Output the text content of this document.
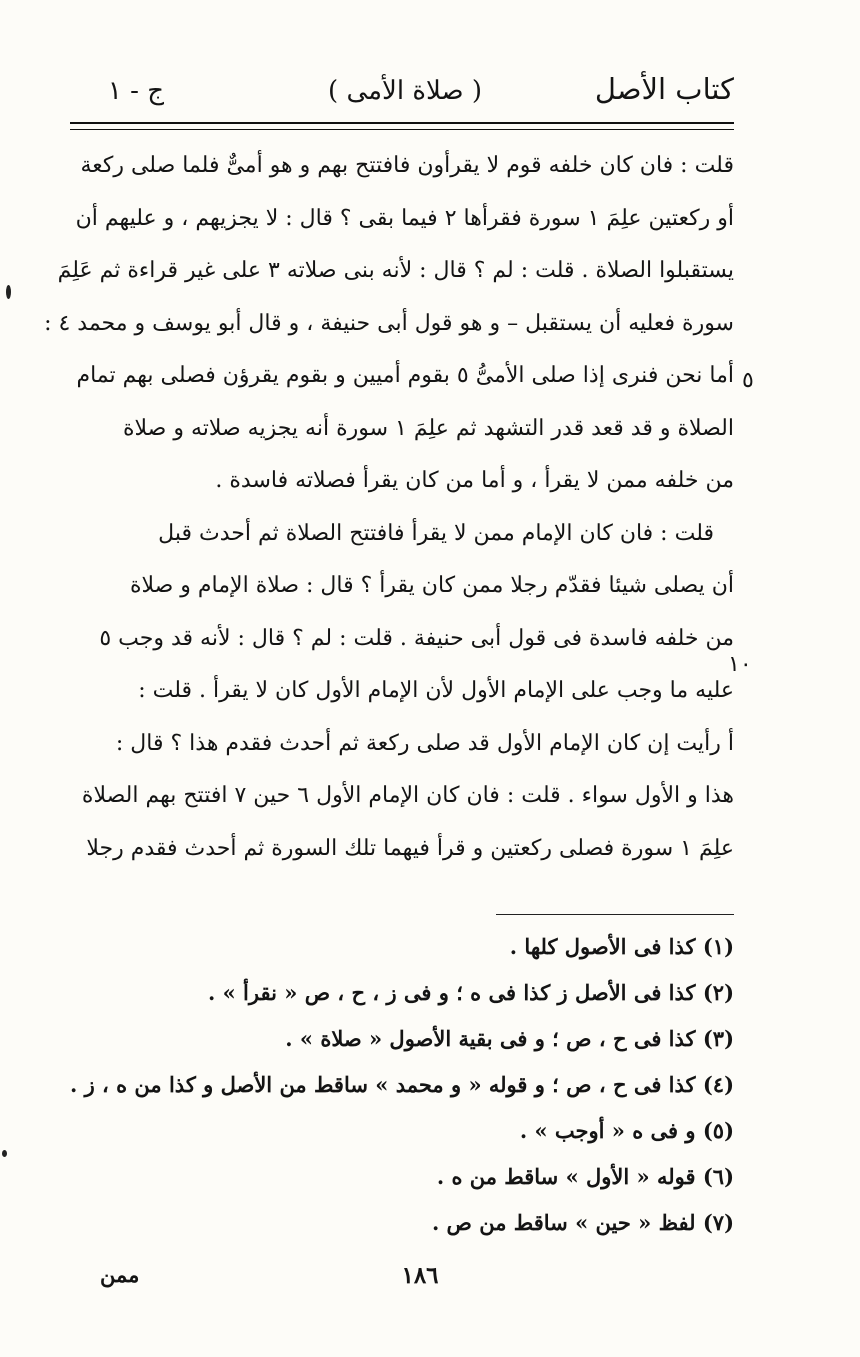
كتاب الأصل
( صلاة الأمى )
ج - ١
قلت : فان كان خلفه قوم لا يقرأون فافتتح بهم و هو أمىٌّ فلما صلى ركعة
أو ركعتين علِمَ ١ سورة فقرأها ٢ فيما بقى ؟ قال : لا يجزيهم ، و عليهم أن
يستقبلوا الصلاة . قلت : لم ؟ قال : لأنه بنى صلاته ٣ على غير قراءة ثم عَلِمَ
سورة فعليه أن يستقبل – و هو قول أبى حنيفة ، و قال أبو يوسف و محمد ٤ :
أما نحن فنرى إذا صلى الأمىُّ ٥ بقوم أميين و بقوم يقرؤن فصلى بهم تمام
الصلاة و قد قعد قدر التشهد ثم علِمَ ١ سورة أنه يجزيه صلاته و صلاة
من خلفه ممن لا يقرأ ، و أما من كان يقرأ فصلاته فاسدة .
قلت : فان كان الإمام ممن لا يقرأ فافتتح الصلاة ثم أحدث قبل
أن يصلى شيئا فقدّم رجلا ممن كان يقرأ ؟ قال : صلاة الإمام و صلاة
من خلفه فاسدة فى قول أبى حنيفة . قلت : لم ؟ قال : لأنه قد وجب ٥
عليه ما وجب على الإمام الأول لأن الإمام الأول كان لا يقرأ . قلت :
أ رأيت إن كان الإمام الأول قد صلى ركعة ثم أحدث فقدم هذا ؟ قال :
هذا و الأول سواء . قلت : فان كان الإمام الأول ٦ حين ٧ افتتح بهم الصلاة
علِمَ ١ سورة فصلى ركعتين و قرأ فيهما تلك السورة ثم أحدث فقدم رجلا
٥
١٠
(١) كذا فى الأصول كلها .
(٢) كذا فى الأصل ز كذا فى ه ؛ و فى ز ، ح ، ص « نقرأ » .
(٣) كذا فى ح ، ص ؛ و فى بقية الأصول « صلاة » .
(٤) كذا فى ح ، ص ؛ و قوله « و محمد » ساقط من الأصل و كذا من ه ، ز .
(٥) و فى ه « أوجب » .
(٦) قوله « الأول » ساقط من ه .
(٧) لفظ « حين » ساقط من ص .
١٨٦
ممن
